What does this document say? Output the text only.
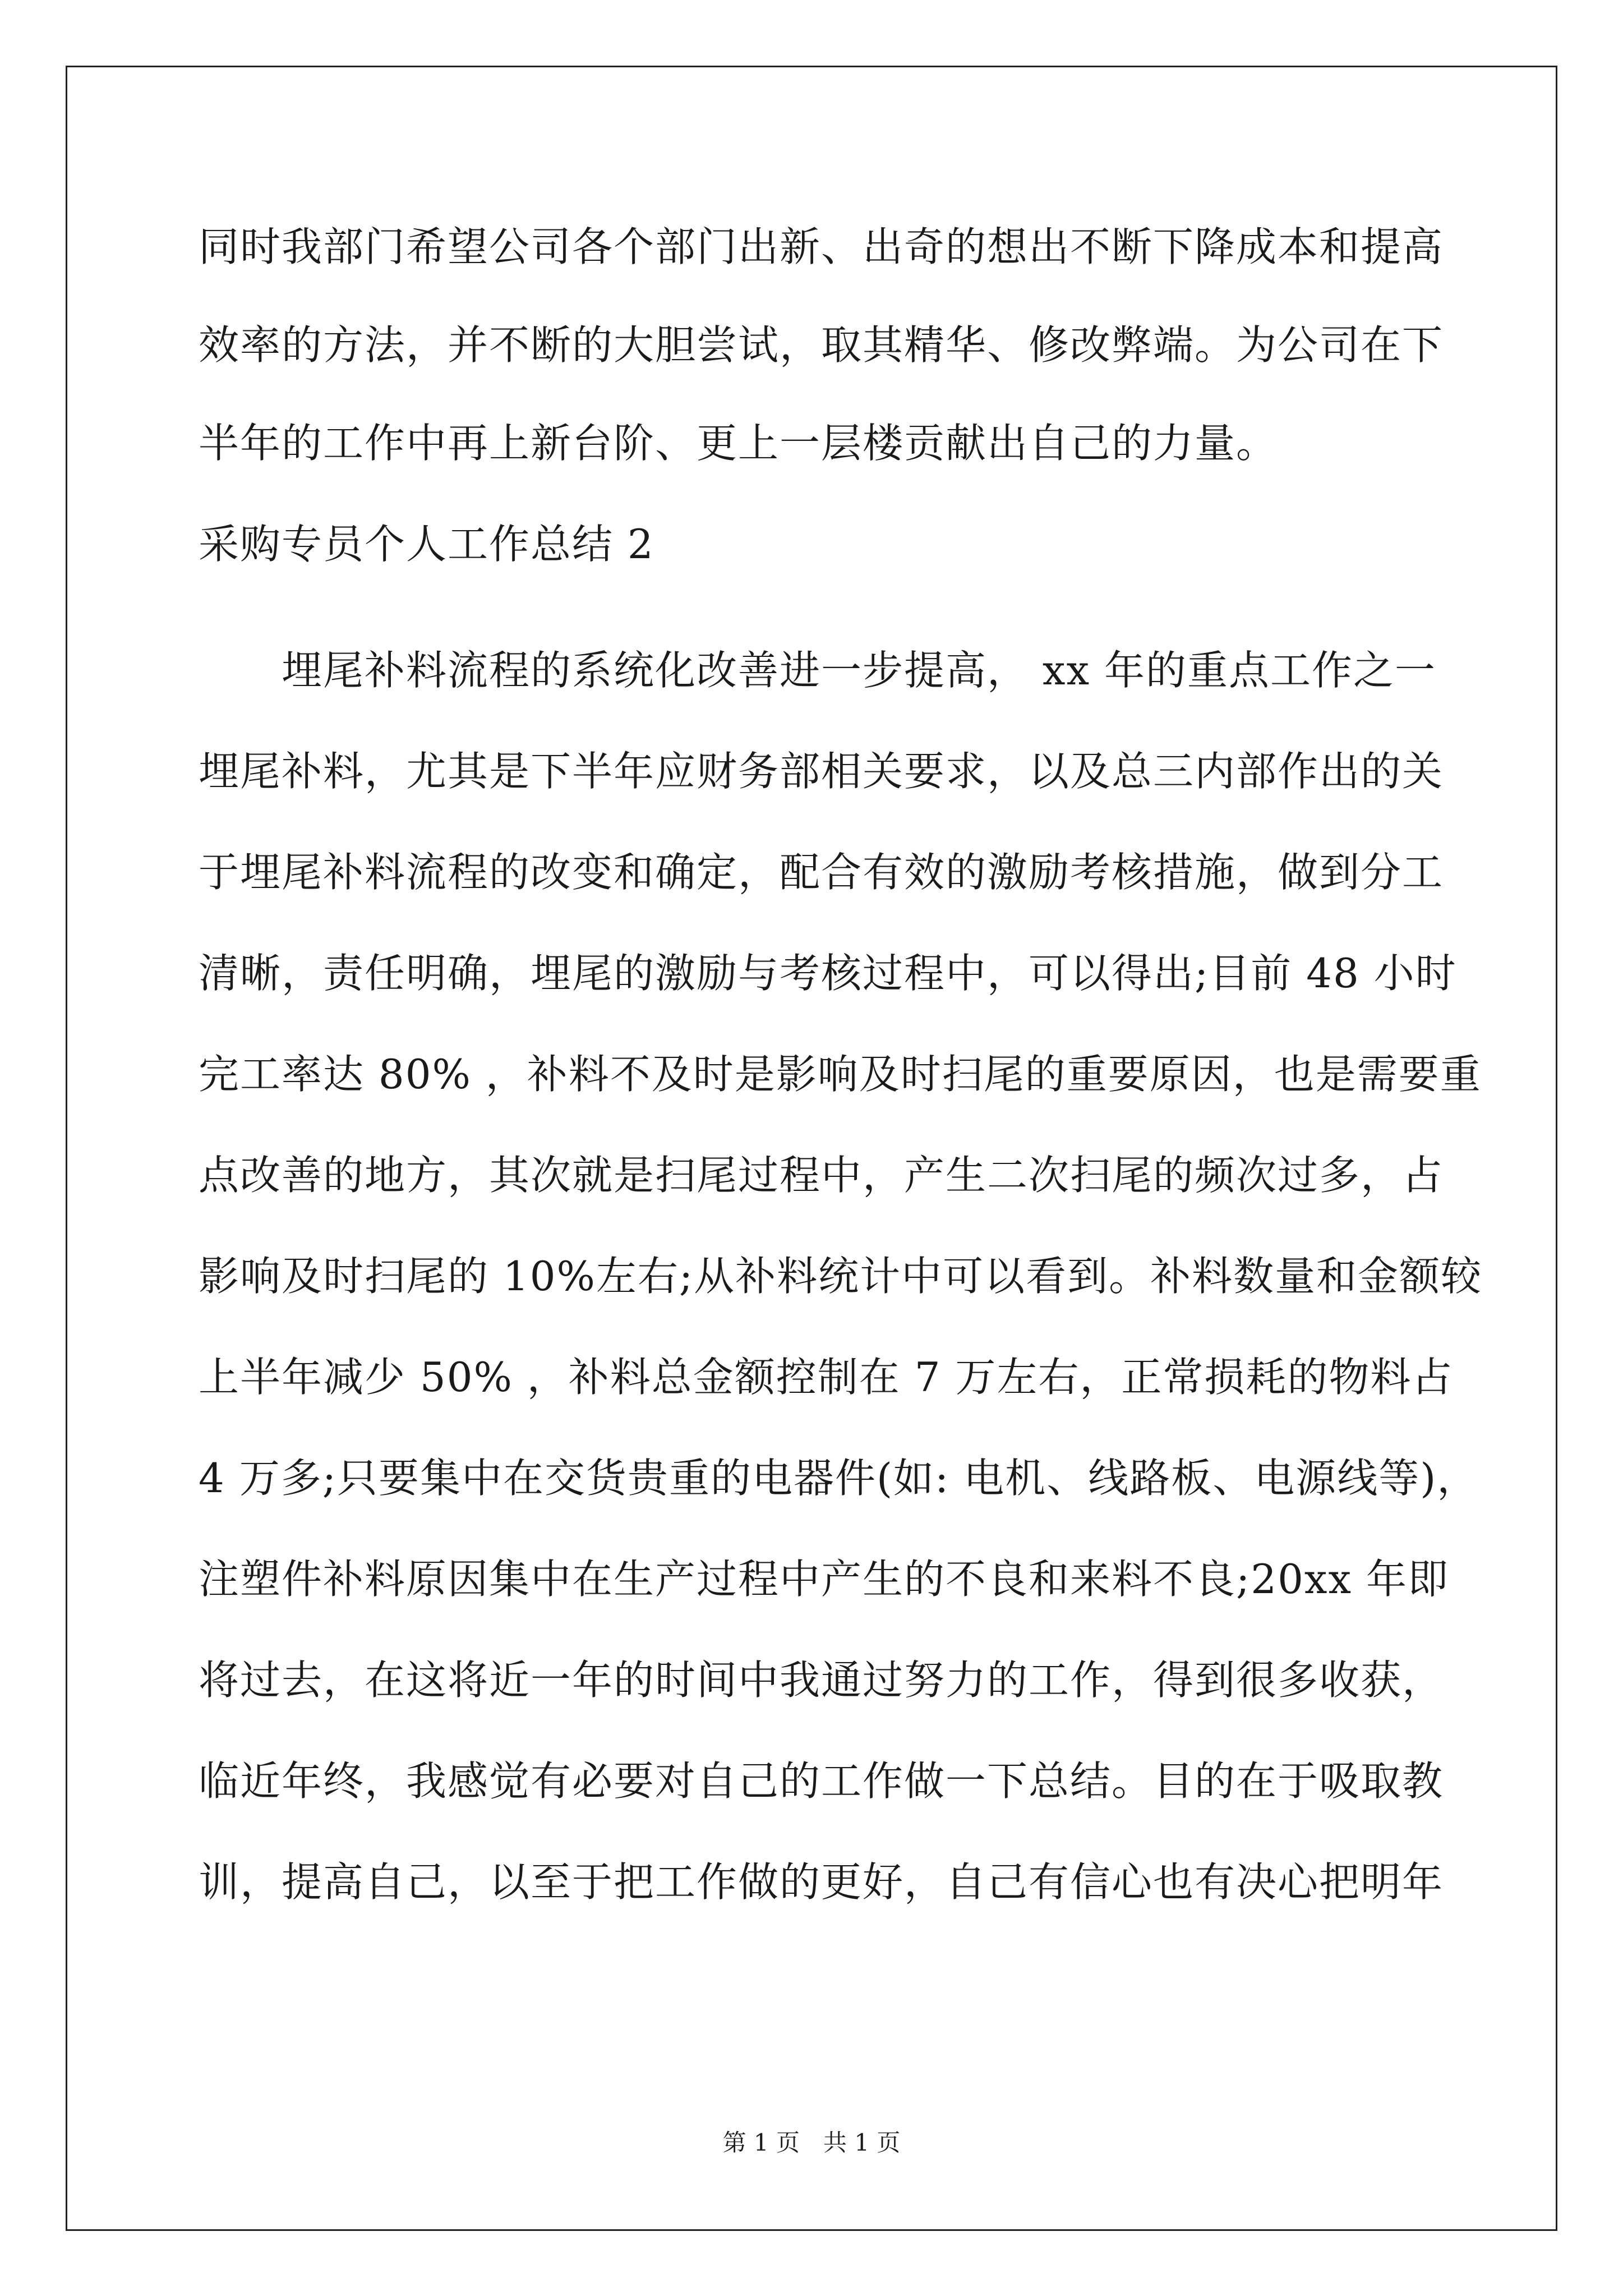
同时我部门希望公司各个部门出新、出奇的想出不断下降成本和提高
效率的方法，并不断的大胆尝试，取其精华、修改弊端。为公司在下
半年的工作中再上新台阶、更上一层楼贡献出自己的力量。
采购专员个人工作总结 2
　　埋尾补料流程的系统化改善进一步提高， xx 年的重点工作之一
埋尾补料，尤其是下半年应财务部相关要求，以及总三内部作出的关
于埋尾补料流程的改变和确定，配合有效的激励考核措施，做到分工
清晰，责任明确，埋尾的激励与考核过程中，可以得出;目前 48 小时
完工率达 80% ，补料不及时是影响及时扫尾的重要原因，也是需要重
点改善的地方，其次就是扫尾过程中，产生二次扫尾的频次过多，占
影响及时扫尾的 10%左右;从补料统计中可以看到。补料数量和金额较
上半年减少 50% ，补料总金额控制在 7 万左右，正常损耗的物料占
4 万多;只要集中在交货贵重的电器件(如: 电机、线路板、电源线等)，
注塑件补料原因集中在生产过程中产生的不良和来料不良;20xx 年即
将过去，在这将近一年的时间中我通过努力的工作，得到很多收获，
临近年终，我感觉有必要对自己的工作做一下总结。目的在于吸取教
训，提高自己，以至于把工作做的更好，自己有信心也有决心把明年
第 1 页　共 1 页
